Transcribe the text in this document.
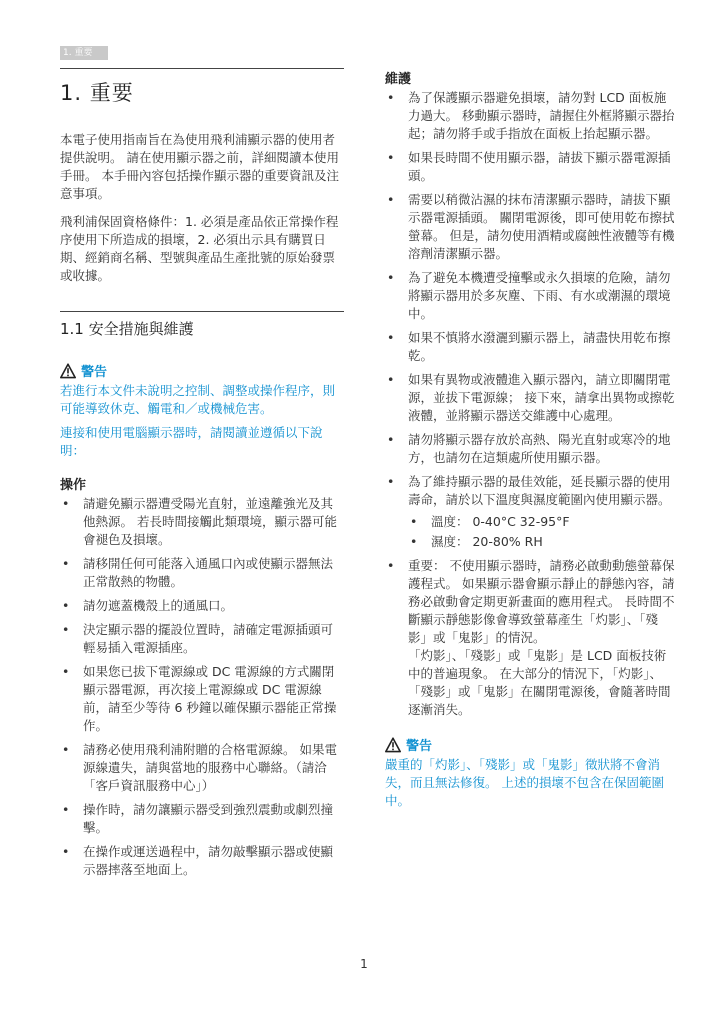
1. 重要
1. 重要

本電子使用指南旨在為使用飛利浦顯示器的使用者提供說明。 請在使用顯示器之前，詳細閱讀本使用手冊。 本手冊內容包括操作顯示器的重要資訊及注意事項。

飛利浦保固資格條件：1. 必須是產品依正常操作程序使用下所造成的損壞，2. 必須出示具有購買日期、經銷商名稱、型號與產品生產批號的原始發票或收據。

1.1 安全措施與維護
警告

若進行本文件未說明之控制、調整或操作程序，則可能導致休克、觸電和／或機械危害。

連接和使用電腦顯示器時，請閱讀並遵循以下說明：

操作
• 請避免顯示器遭受陽光直射，並遠離強光及其他熱源。 若長時間接觸此類環境，顯示器可能會褪色及損壞。
• 請移開任何可能落入通風口內或使顯示器無法正常散熱的物體。
• 請勿遮蓋機殼上的通風口。
• 決定顯示器的擺設位置時，請確定電源插頭可輕易插入電源插座。
• 如果您已拔下電源線或 DC 電源線的方式關閉顯示器電源，再次接上電源線或 DC 電源線前，請至少等待 6 秒鐘以確保顯示器能正常操作。
• 請務必使用飛利浦附贈的合格電源線。 如果電源線遺失，請與當地的服務中心聯絡。（請洽「客戶資訊服務中心」）
• 操作時，請勿讓顯示器受到強烈震動或劇烈撞擊。
• 在操作或運送過程中，請勿敲擊顯示器或使顯示器摔落至地面上。
維護
• 為了保護顯示器避免損壞，請勿對 LCD 面板施力過大。 移動顯示器時，請握住外框將顯示器抬起；請勿將手或手指放在面板上抬起顯示器。
• 如果長時間不使用顯示器，請拔下顯示器電源插頭。
• 需要以稍微沾濕的抹布清潔顯示器時，請拔下顯示器電源插頭。 關閉電源後，即可使用乾布擦拭螢幕。 但是，請勿使用酒精或腐蝕性液體等有機溶劑清潔顯示器。
• 為了避免本機遭受撞擊或永久損壞的危險，請勿將顯示器用於多灰塵、下雨、有水或潮濕的環境中。
• 如果不慎將水潑灑到顯示器上，請盡快用乾布擦乾。
• 如果有異物或液體進入顯示器內，請立即關閉電源，並拔下電源線； 接下來，請拿出異物或擦乾液體，並將顯示器送交維護中心處理。
• 請勿將顯示器存放於高熱、陽光直射或寒冷的地方，也請勿在這類處所使用顯示器。
• 為了維持顯示器的最佳效能，延長顯示器的使用壽命，請於以下溫度與濕度範圍內使用顯示器。
• 溫度： 0-40°C 32-95°F
• 濕度： 20-80% RH
• 重要： 不使用顯示器時，請務必啟動動態螢幕保護程式。 如果顯示器會顯示靜止的靜態內容，請務必啟動會定期更新畫面的應用程式。 長時間不斷顯示靜態影像會導致螢幕產生「灼影」、「殘影」或「鬼影」的情況。
「灼影」、「殘影」或「鬼影」是 LCD 面板技術中的普遍現象。 在大部分的情況下，「灼影」、「殘影」或「鬼影」在關閉電源後，會隨著時間逐漸消失。
警告

嚴重的「灼影」、「殘影」或「鬼影」徵狀將不會消失，而且無法修復。 上述的損壞不包含在保固範圍中。

1
